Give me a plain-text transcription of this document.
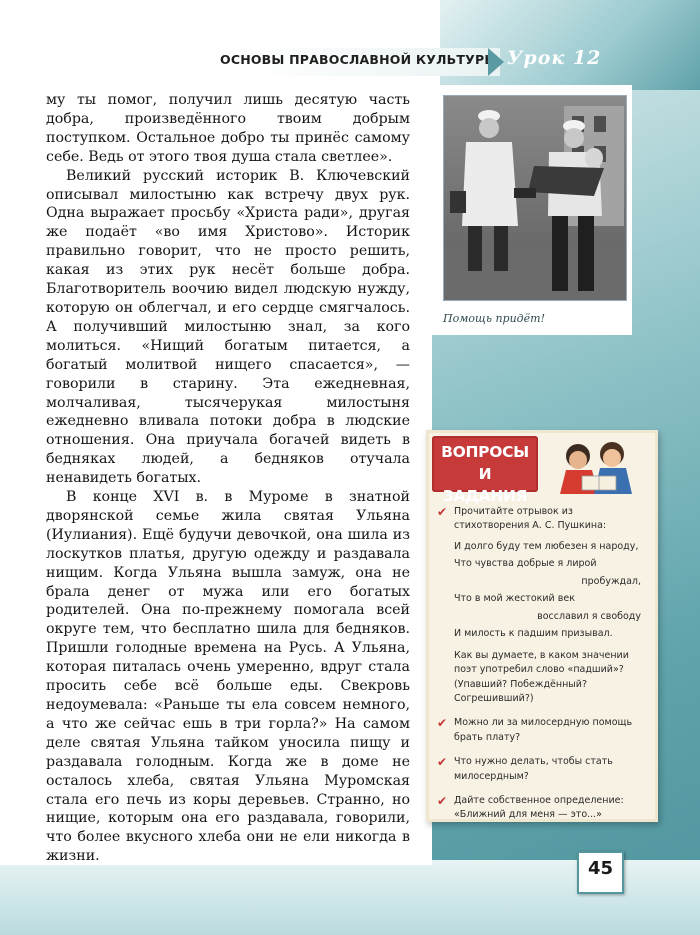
ОСНОВЫ ПРАВОСЛАВНОЙ КУЛЬТУРЫ Урок 12

му ты помог, получил лишь десятую часть добра, произведённого твоим добрым поступком. Остальное добро ты принёс самому себе. Ведь от этого твоя душа стала светлее».

Великий русский историк В. Ключевский описывал милостыню как встречу двух рук. Одна выражает просьбу «Христа ради», другая же подаёт «во имя Христово». Историк правильно говорит, что не просто решить, какая из этих рук несёт больше добра. Благотворитель воочию видел людскую нужду, которую он облегчал, и его сердце смягчалось. А получивший милостыню знал, за кого молиться. «Нищий богатым питается, а богатый молитвой нищего спасается», — говорили в старину. Эта ежедневная, молчаливая, тысячерукая милостыня ежедневно вливала потоки добра в людские отношения. Она приучала богачей видеть в бедняках людей, а бедняков отучала ненавидеть богатых.

В конце XVI в. в Муроме в знатной дворянской семье жила святая Ульяна (Иулиания). Ещё будучи девочкой, она шила из лоскутков платья, другую одежду и раздавала нищим. Когда Ульяна вышла замуж, она не брала денег от мужа или его богатых родителей. Она по-прежнему помогала всей округе тем, что бесплатно шила для бедняков. Пришли голодные времена на Русь. А Ульяна, которая питалась очень умеренно, вдруг стала просить себе всё больше еды. Свекровь недоумевала: «Раньше ты ела совсем немного, а что же сейчас ешь в три горла?» На самом деле святая Ульяна тайком уносила пищу и раздавала голодным. Когда же в доме не осталось хлеба, святая Ульяна Муромская стала его печь из коры деревьев. Странно, но нищие, которым она его раздавала, говорили, что более вкусного хлеба они не ели никогда в жизни.

Помощь придёт!
ВОПРОСЫ
И ЗАДАНИЯ
✔ Прочитайте отрывок из стихотворения А. С. Пушкина:
И долго буду тем любезен я народу,
Что чувства добрые я лирой
пробуждал,
Что в мой жестокий век
восславил я свободу
И милость к падшим призывал.
Как вы думаете, в каком значении поэт употребил слово «падший»? (Упавший? Побеждённый? Согрешивший?)
✔ Можно ли за милосердную помощь брать плату?
✔ Что нужно делать, чтобы стать милосердным?
✔ Дайте собственное определение: «Ближний для меня — это...»
45
